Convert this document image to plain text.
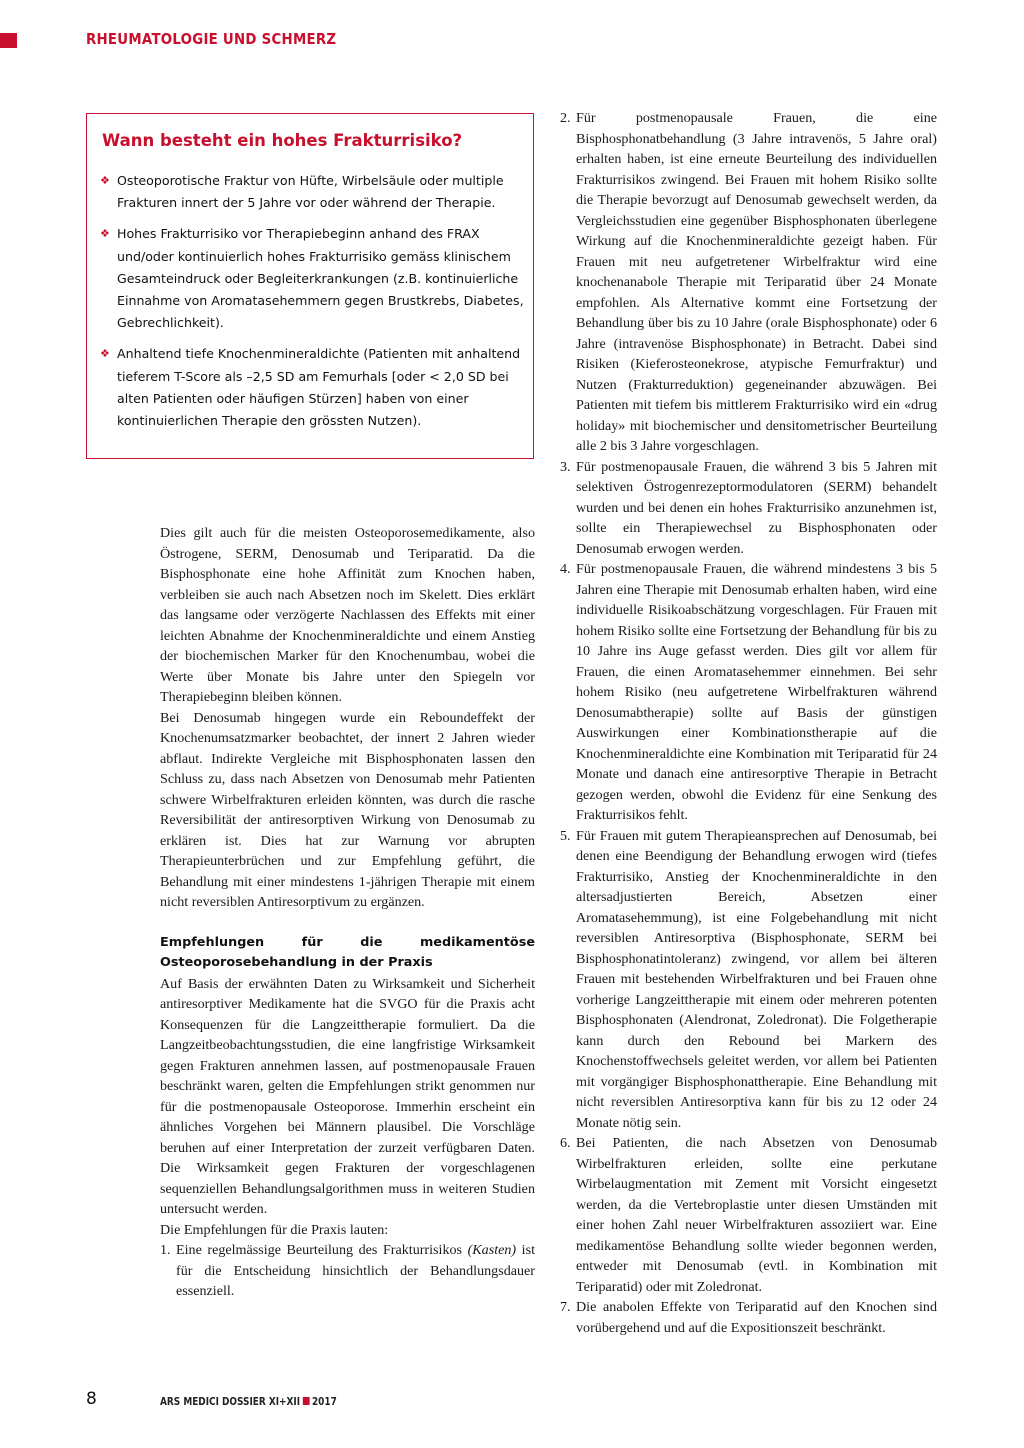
RHEUMATOLOGIE UND SCHMERZ
Wann besteht ein hohes Frakturrisiko?
❖ Osteoporotische Fraktur von Hüfte, Wirbelsäule oder multiple Frakturen innert der 5 Jahre vor oder während der Therapie.
❖ Hohes Frakturrisiko vor Therapiebeginn anhand des FRAX und/oder kontinuierlich hohes Frakturrisiko gemäss klinischem Gesamteindruck oder Begleiterkrankungen (z.B. kontinuierliche Einnahme von Aromatasehemmern gegen Brustkrebs, Diabetes, Gebrechlichkeit).
❖ Anhaltend tiefe Knochenmineraldichte (Patienten mit anhaltend tieferem T-Score als –2,5 SD am Femurhals [oder < 2,0 SD bei alten Patienten oder häufigen Stürzen] haben von einer kontinuierlichen Therapie den grössten Nutzen).

Dies gilt auch für die meisten Osteoporosemedikamente, also Östrogene, SERM, Denosumab und Teriparatid. Da die Bisphosphonate eine hohe Affinität zum Knochen haben, verbleiben sie auch nach Absetzen noch im Skelett. Dies erklärt das langsame oder verzögerte Nachlassen des Effekts mit einer leichten Abnahme der Knochenmineraldichte und einem Anstieg der biochemischen Marker für den Knochenumbau, wobei die Werte über Monate bis Jahre unter den Spiegeln vor Therapiebeginn bleiben können.

Bei Denosumab hingegen wurde ein Reboundeffekt der Knochenumsatzmarker beobachtet, der innert 2 Jahren wieder abflaut. Indirekte Vergleiche mit Bisphosphonaten lassen den Schluss zu, dass nach Absetzen von Denosumab mehr Patienten schwere Wirbelfrakturen erleiden könnten, was durch die rasche Reversibilität der antiresorptiven Wirkung von Denosumab zu erklären ist. Dies hat zur Warnung vor abrupten Therapieunterbrüchen und zur Empfehlung geführt, die Behandlung mit einer mindestens 1-jährigen Therapie mit einem nicht reversiblen Antiresorptivum zu ergänzen.

Empfehlungen für die medikamentöse Osteoporosebehandlung in der Praxis

Auf Basis der erwähnten Daten zu Wirksamkeit und Sicherheit antiresorptiver Medikamente hat die SVGO für die Praxis acht Konsequenzen für die Langzeittherapie formuliert. Da die Langzeitbeobachtungsstudien, die eine langfristige Wirksamkeit gegen Frakturen annehmen lassen, auf postmenopausale Frauen beschränkt waren, gelten die Empfehlungen strikt genommen nur für die postmenopausale Osteoporose. Immerhin erscheint ein ähnliches Vorgehen bei Männern plausibel. Die Vorschläge beruhen auf einer Interpretation der zurzeit verfügbaren Daten. Die Wirksamkeit gegen Frakturen der vorgeschlagenen sequenziellen Behandlungsalgorithmen muss in weiteren Studien untersucht werden.

Die Empfehlungen für die Praxis lauten:

1. Eine regelmässige Beurteilung des Frakturrisikos (Kasten) ist für die Entscheidung hinsichtlich der Behandlungsdauer essenziell.
2. Für postmenopausale Frauen, die eine Bisphosphonatbehandlung (3 Jahre intravenös, 5 Jahre oral) erhalten haben, ist eine erneute Beurteilung des individuellen Frakturrisikos zwingend. Bei Frauen mit hohem Risiko sollte die Therapie bevorzugt auf Denosumab gewechselt werden, da Vergleichsstudien eine gegenüber Bisphosphonaten überlegene Wirkung auf die Knochenmineraldichte gezeigt haben. Für Frauen mit neu aufgetretener Wirbelfraktur wird eine knochenanabole Therapie mit Teriparatid über 24 Monate empfohlen. Als Alternative kommt eine Fortsetzung der Behandlung über bis zu 10 Jahre (orale Bisphosphonate) oder 6 Jahre (intravenöse Bisphosphonate) in Betracht. Dabei sind Risiken (Kieferosteonekrose, atypische Femurfraktur) und Nutzen (Frakturreduktion) gegeneinander abzuwägen. Bei Patienten mit tiefem bis mittlerem Frakturrisiko wird ein «drug holiday» mit biochemischer und densitometrischer Beurteilung alle 2 bis 3 Jahre vorgeschlagen.
3. Für postmenopausale Frauen, die während 3 bis 5 Jahren mit selektiven Östrogenrezeptormodulatoren (SERM) behandelt wurden und bei denen ein hohes Frakturrisiko anzunehmen ist, sollte ein Therapiewechsel zu Bisphosphonaten oder Denosumab erwogen werden.
4. Für postmenopausale Frauen, die während mindestens 3 bis 5 Jahren eine Therapie mit Denosumab erhalten haben, wird eine individuelle Risikoabschätzung vorgeschlagen. Für Frauen mit hohem Risiko sollte eine Fortsetzung der Behandlung für bis zu 10 Jahre ins Auge gefasst werden. Dies gilt vor allem für Frauen, die einen Aromatasehemmer einnehmen. Bei sehr hohem Risiko (neu aufgetretene Wirbelfrakturen während Denosumabtherapie) sollte auf Basis der günstigen Auswirkungen einer Kombinationstherapie auf die Knochenmineraldichte eine Kombination mit Teriparatid für 24 Monate und danach eine antiresorptive Therapie in Betracht gezogen werden, obwohl die Evidenz für eine Senkung des Frakturrisikos fehlt.
5. Für Frauen mit gutem Therapieansprechen auf Denosumab, bei denen eine Beendigung der Behandlung erwogen wird (tiefes Frakturrisiko, Anstieg der Knochenmineraldichte in den altersadjustierten Bereich, Absetzen einer Aromatasehemmung), ist eine Folgebehandlung mit nicht reversiblen Antiresorptiva (Bisphosphonate, SERM bei Bisphosphonatintoleranz) zwingend, vor allem bei älteren Frauen mit bestehenden Wirbelfrakturen und bei Frauen ohne vorherige Langzeittherapie mit einem oder mehreren potenten Bisphosphonaten (Alendronat, Zoledronat). Die Folgetherapie kann durch den Rebound bei Markern des Knochenstoffwechsels geleitet werden, vor allem bei Patienten mit vorgängiger Bisphosphonattherapie. Eine Behandlung mit nicht reversiblen Antiresorptiva kann für bis zu 12 oder 24 Monate nötig sein.
6. Bei Patienten, die nach Absetzen von Denosumab Wirbelfrakturen erleiden, sollte eine perkutane Wirbelaugmentation mit Zement mit Vorsicht eingesetzt werden, da die Vertebroplastie unter diesen Umständen mit einer hohen Zahl neuer Wirbelfrakturen assoziiert war. Eine medikamentöse Behandlung sollte wieder begonnen werden, entweder mit Denosumab (evtl. in Kombination mit Teriparatid) oder mit Zoledronat.
7. Die anabolen Effekte von Teriparatid auf den Knochen sind vorübergehend und auf die Expositionszeit beschränkt.
8	ARS MEDICI DOSSIER XI+XII 2017
